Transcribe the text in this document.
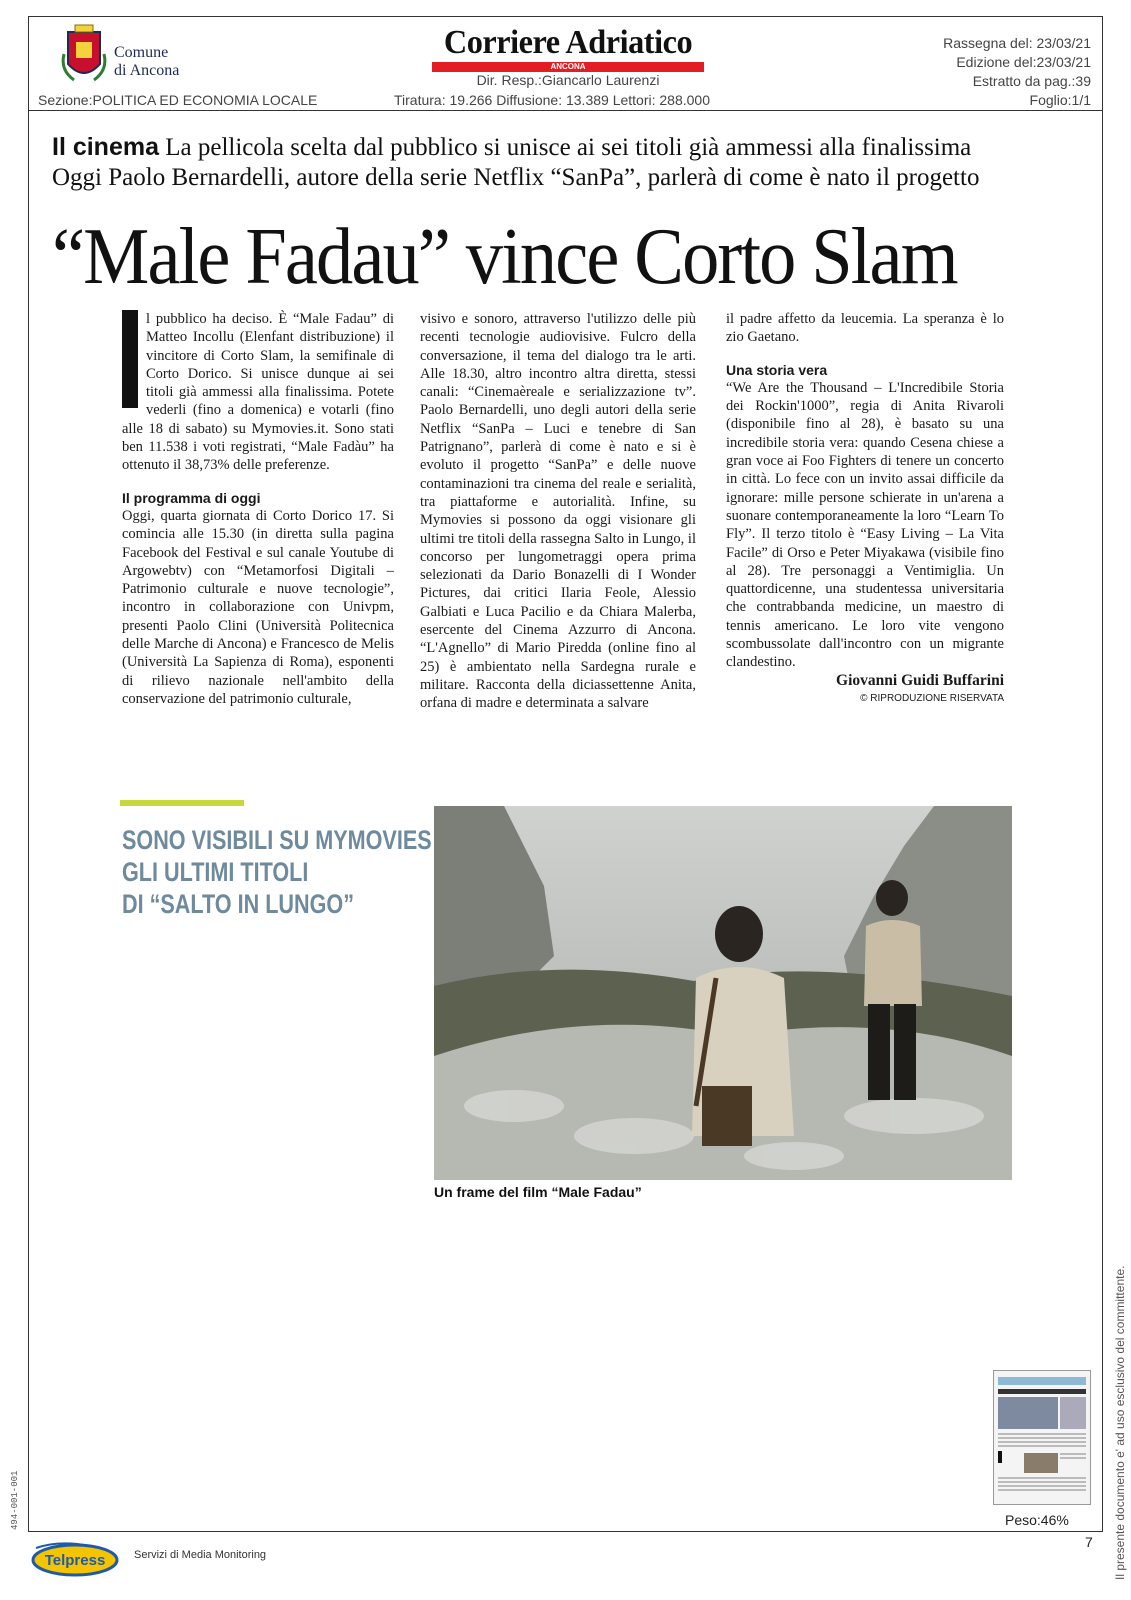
Comune
di Ancona
Corriere Adriatico
ANCONA
Dir. Resp.:Giancarlo Laurenzi
Tiratura: 19.266 Diffusione: 13.389 Lettori: 288.000
Sezione:POLITICA ED ECONOMIA LOCALE
Rassegna del: 23/03/21
Edizione del:23/03/21
Estratto da pag.:39
Foglio:1/1
Il cinema La pellicola scelta dal pubblico si unisce ai sei titoli già ammessi alla finalissima
Oggi Paolo Bernardelli, autore della serie Netflix “SanPa”, parlerà di come è nato il progetto
“Male Fadau” vince Corto Slam

l pubblico ha deciso. È “Male Fadau” di Matteo Incollu (Elenfant distribuzione) il vincitore di Corto Slam, la semifinale di Corto Dorico. Si unisce dunque ai sei titoli già ammessi alla finalissima. Potete vederli (fino a domenica) e votarli (fino alle 18 di sabato) su Mymovies.it. Sono stati ben 11.538 i voti registrati, “Male Fadàu” ha ottenuto il 38,73% delle preferenze.

Il programma di oggi

Oggi, quarta giornata di Corto Dorico 17. Si comincia alle 15.30 (in diretta sulla pagina Facebook del Festival e sul canale Youtube di Argowebtv) con “Metamorfosi Digitali – Patrimonio culturale e nuove tecnologie”, incontro in collaborazione con Univpm, presenti Paolo Clini (Università Politecnica delle Marche di Ancona) e Francesco de Melis (Università La Sapienza di Roma), esponenti di rilievo nazionale nell'ambito della conservazione del patrimonio culturale,

visivo e sonoro, attraverso l'utilizzo delle più recenti tecnologie audiovisive. Fulcro della conversazione, il tema del dialogo tra le arti. Alle 18.30, altro incontro altra diretta, stessi canali: “Cinemaèreale e serializzazione tv”. Paolo Bernardelli, uno degli autori della serie Netflix “SanPa – Luci e tenebre di San Patrignano”, parlerà di come è nato e si è evoluto il progetto “SanPa” e delle nuove contaminazioni tra cinema del reale e serialità, tra piattaforme e autorialità. Infine, su Mymovies si possono da oggi visionare gli ultimi tre titoli della rassegna Salto in Lungo, il concorso per lungometraggi opera prima selezionati da Dario Bonazelli di I Wonder Pictures, dai critici Ilaria Feole, Alessio Galbiati e Luca Pacilio e da Chiara Malerba, esercente del Cinema Azzurro di Ancona. “L'Agnello” di Mario Piredda (online fino al 25) è ambientato nella Sardegna rurale e militare. Racconta della diciassettenne Anita, orfana di madre e determinata a salvare

il padre affetto da leucemia. La speranza è lo zio Gaetano.

Una storia vera

“We Are the Thousand – L'Incredibile Storia dei Rockin'1000”, regia di Anita Rivaroli (disponibile fino al 28), è basato su una incredibile storia vera: quando Cesena chiese a gran voce ai Foo Fighters di tenere un concerto in città. Lo fece con un invito assai difficile da ignorare: mille persone schierate in un'arena a suonare contemporaneamente la loro “Learn To Fly”. Il terzo titolo è “Easy Living – La Vita Facile” di Orso e Peter Miyakawa (visibile fino al 28). Tre personaggi a Ventimiglia. Un quattordicenne, una studentessa universitaria che contrabbanda medicine, un maestro di tennis americano. Le loro vite vengono scombussolate dall'incontro con un migrante clandestino.

Giovanni Guidi Buffarini

© RIPRODUZIONE RISERVATA

SONO VISIBILI SU MYMOVIES
GLI ULTIMI TITOLI
DI “SALTO IN LUNGO”
Un frame del film “Male Fadau”
Peso:46%
7 Il presente documento e' ad uso esclusivo del committente.
494-001-001
Telpress	Servizi di Media Monitoring
